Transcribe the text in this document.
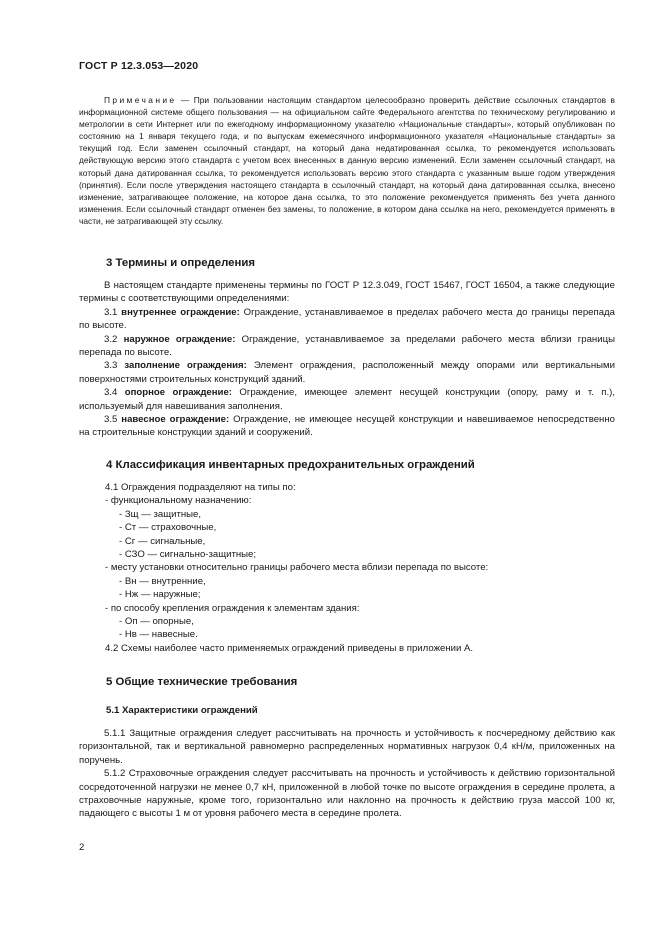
ГОСТ Р 12.3.053—2020

Примечание — При пользовании настоящим стандартом целесообразно проверить действие ссылочных стандартов в информационной системе общего пользования — на официальном сайте Федерального агентства по техническому регулированию и метрологии в сети Интернет или по ежегодному информационному указателю «Национальные стандарты», который опубликован по состоянию на 1 января текущего года, и по выпускам ежемесячного информационного указателя «Национальные стандарты» за текущий год. Если заменен ссылочный стандарт, на который дана недатированная ссылка, то рекомендуется использовать действующую версию этого стандарта с учетом всех внесенных в данную версию изменений. Если заменен ссылочный стандарт, на который дана датированная ссылка, то рекомендуется использовать версию этого стандарта с указанным выше годом утверждения (принятия). Если после утверждения настоящего стандарта в ссылочный стандарт, на который дана датированная ссылка, внесено изменение, затрагивающее положение, на которое дана ссылка, то это положение рекомендуется применять без учета данного изменения. Если ссылочный стандарт отменен без замены, то положение, в котором дана ссылка на него, рекомендуется применять в части, не затрагивающей эту ссылку.

3 Термины и определения

В настоящем стандарте применены термины по ГОСТ Р 12.3.049, ГОСТ 15467, ГОСТ 16504, а также следующие термины с соответствующими определениями:

3.1 внутреннее ограждение: Ограждение, устанавливаемое в пределах рабочего места до границы перепада по высоте.

3.2 наружное ограждение: Ограждение, устанавливаемое за пределами рабочего места вблизи границы перепада по высоте.

3.3 заполнение ограждения: Элемент ограждения, расположенный между опорами или вертикальными поверхностями строительных конструкций зданий.

3.4 опорное ограждение: Ограждение, имеющее элемент несущей конструкции (опору, раму и т. п.), используемый для навешивания заполнения.

3.5 навесное ограждение: Ограждение, не имеющее несущей конструкции и навешиваемое непосредственно на строительные конструкции зданий и сооружений.

4 Классификация инвентарных предохранительных ограждений
4.1 Ограждения подразделяют на типы по:
- функциональному назначению:
- Зщ — защитные,
- Ст — страховочные,
- Сг — сигнальные,
- СЗО — сигнально-защитные;
- месту установки относительно границы рабочего места вблизи перепада по высоте:
- Вн — внутренние,
- Нж — наружные;
- по способу крепления ограждения к элементам здания:
- Оп — опорные,
- Нв — навесные.
4.2 Схемы наиболее часто применяемых ограждений приведены в приложении А.
5 Общие технические требования
5.1 Характеристики ограждений

5.1.1 Защитные ограждения следует рассчитывать на прочность и устойчивость к посчередному действию как горизонтальной, так и вертикальной равномерно распределенных нормативных нагрузок 0,4 кН/м, приложенных на поручень.

5.1.2 Страховочные ограждения следует рассчитывать на прочность и устойчивость к действию горизонтальной сосредоточенной нагрузки не менее 0,7 кН, приложенной в любой точке по высоте ограждения в середине пролета, а страховочные наружные, кроме того, горизонтально или наклонно на прочность к действию груза массой 100 кг, падающего с высоты 1 м от уровня рабочего места в середине пролета.

2
